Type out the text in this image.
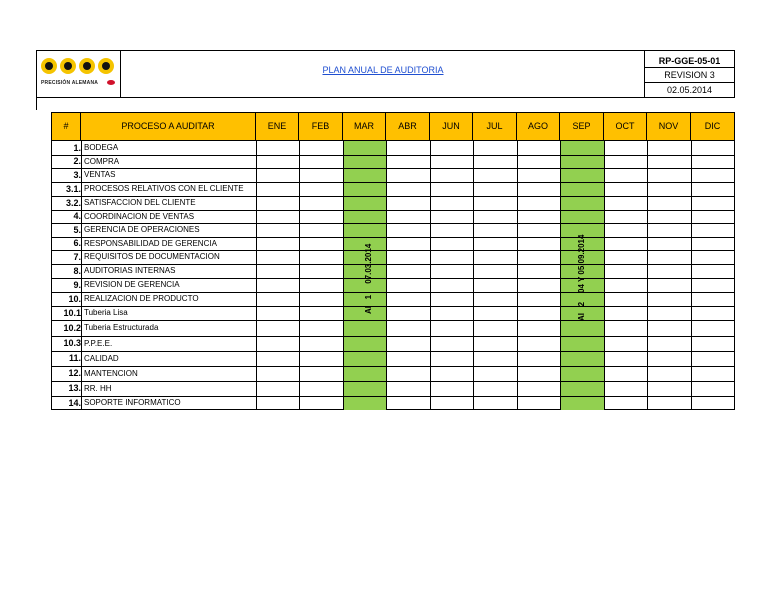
PRECISIÓN ALEMANA
PLAN ANUAL DE AUDITORIA
RP-GGE-05-01
REVISION 3
02.05.2014
#	PROCESO A AUDITAR	ENE	FEB	MAR	ABR	JUN	JUL	AGO	SEP	OCT	NOV	DIC
1. BODEGA
2. COMPRA
3. VENTAS
3.1. PROCESOS RELATIVOS CON EL CLIENTE
3.2. SATISFACCION DEL CLIENTE
4. COORDINACION DE VENTAS
5. GERENCIA DE OPERACIONES
6. RESPONSABILIDAD DE GERENCIA
7. REQUISITOS DE DOCUMENTACION
8. AUDITORIAS INTERNAS
9. REVISION DE GERENCIA
10. REALIZACION DE PRODUCTO
10.1 Tuberia Lisa
10.2 Tuberia Estructurada
10.3 P.P.E.E.
11. CALIDAD
12. MANTENCION
13. RR. HH
14. SOPORTE INFORMATICO
AI   1     07.03.2014	AI   2    04 Y 05.09.2014
